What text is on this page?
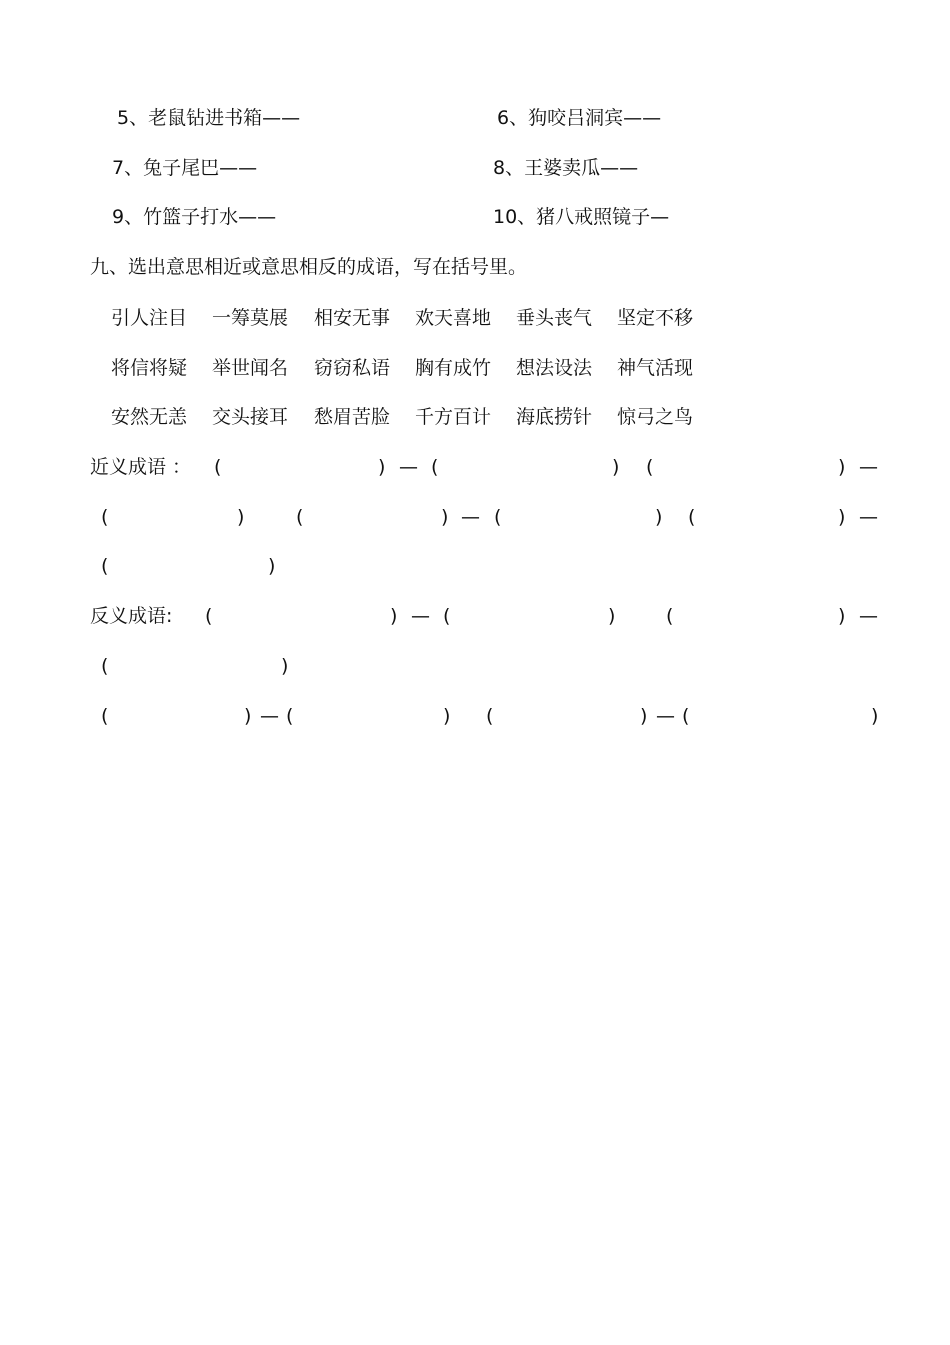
5、老鼠钻进书箱——	6、狗咬吕洞宾——
7、兔子尾巴——	8、王婆卖瓜——
9、竹篮子打水——	10、猪八戒照镜子—
九、选出意思相近或意思相反的成语，写在括号里。
引人注目 一筹莫展 相安无事 欢天喜地 垂头丧气 坚定不移
将信将疑 举世闻名 窃窃私语 胸有成竹 想法设法 神气活现
安然无恙 交头接耳 愁眉苦脸 千方百计 海底捞针 惊弓之鸟
近义成语 ： (	) — (	) (	) —
(	)	(	) — (	) (	) —
(	)
反义成语: (	) — (	)	(	) —
(	)
(	) — (	) (	) — (	)
